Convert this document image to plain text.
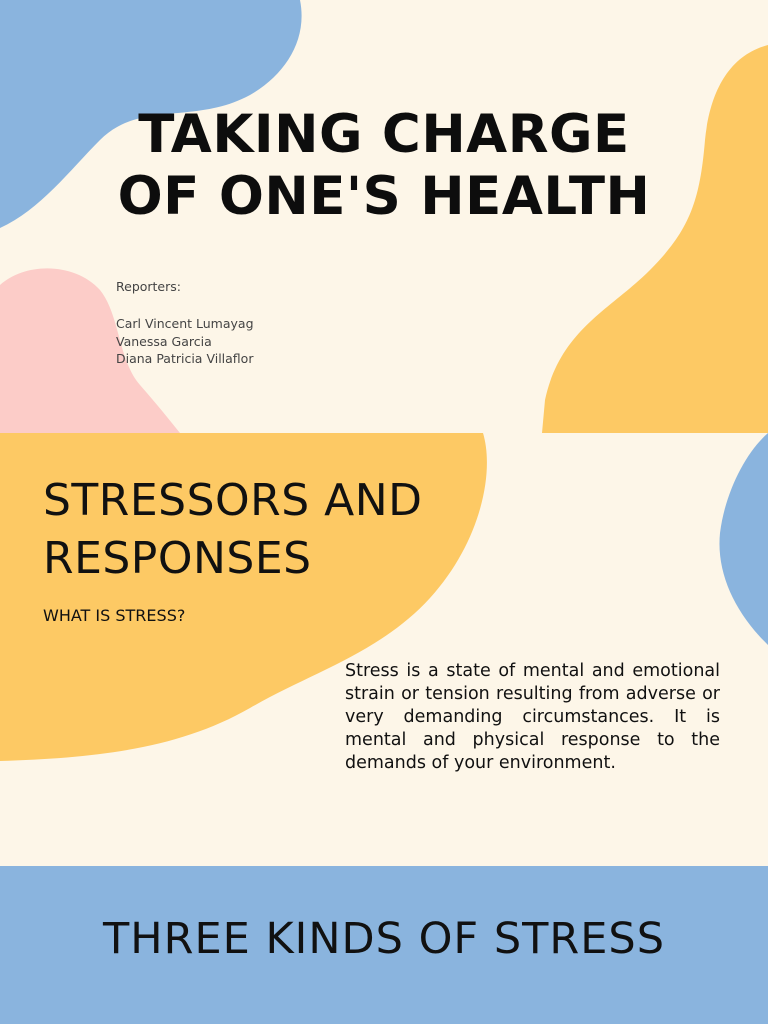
TAKING CHARGE
OF ONE'S HEALTH
Reporters:
Carl Vincent Lumayag
Vanessa Garcia
Diana Patricia Villaflor
STRESSORS AND
RESPONSES
WHAT IS STRESS?

Stress is a state of mental and emotional strain or tension resulting from adverse or very demanding circumstances. It is mental and physical response to the demands of your environment.

THREE KINDS OF STRESS
